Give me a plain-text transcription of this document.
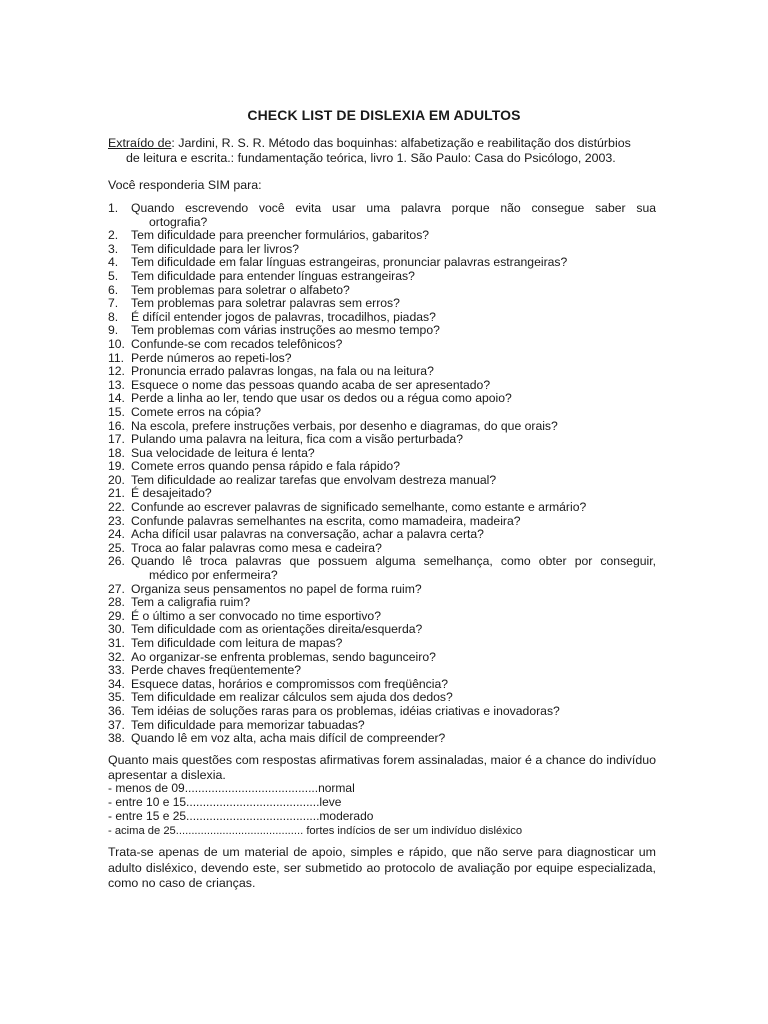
CHECK LIST DE DISLEXIA EM ADULTOS
Extraído de: Jardini, R. S. R. Método das boquinhas: alfabetização e reabilitação dos distúrbios
de leitura e escrita.: fundamentação teórica, livro 1. São Paulo: Casa do Psicólogo, 2003.
Você responderia SIM para:
1.	Quando escrevendo você evita usar uma palavra porque não consegue saber sua
ortografia?
2.	Tem dificuldade para preencher formulários, gabaritos?
3.	Tem dificuldade para ler livros?
4.	Tem dificuldade em falar línguas estrangeiras, pronunciar palavras estrangeiras?
5.	Tem dificuldade para entender línguas estrangeiras?
6.	Tem problemas para soletrar o alfabeto?
7.	Tem problemas para soletrar palavras sem erros?
8.	É difícil entender jogos de palavras, trocadilhos, piadas?
9.	Tem problemas com várias instruções ao mesmo tempo?
10. Confunde-se com recados telefônicos?
11. Perde números ao repeti-los?
12. Pronuncia errado palavras longas, na fala ou na leitura?
13. Esquece o nome das pessoas quando acaba de ser apresentado?
14. Perde a linha ao ler, tendo que usar os dedos ou a régua como apoio?
15. Comete erros na cópia?
16. Na escola, prefere instruções verbais, por desenho e diagramas, do que orais?
17. Pulando uma palavra na leitura, fica com a visão perturbada?
18. Sua velocidade de leitura é lenta?
19. Comete erros quando pensa rápido e fala rápido?
20. Tem dificuldade ao realizar tarefas que envolvam destreza manual?
21. É desajeitado?
22. Confunde ao escrever palavras de significado semelhante, como estante e armário?
23. Confunde palavras semelhantes na escrita, como mamadeira, madeira?
24. Acha difícil usar palavras na conversação, achar a palavra certa?
25. Troca ao falar palavras como mesa e cadeira?
26. Quando lê troca palavras que possuem alguma semelhança, como obter por conseguir,
médico por enfermeira?
27. Organiza seus pensamentos no papel de forma ruim?
28. Tem a caligrafia ruim?
29. É o último a ser convocado no time esportivo?
30. Tem dificuldade com as orientações direita/esquerda?
31. Tem dificuldade com leitura de mapas?
32. Ao organizar-se enfrenta problemas, sendo bagunceiro?
33. Perde chaves freqüentemente?
34. Esquece datas, horários e compromissos com freqüência?
35. Tem dificuldade em realizar cálculos sem ajuda dos dedos?
36. Tem idéias de soluções raras para os problemas, idéias criativas e inovadoras?
37. Tem dificuldade para memorizar tabuadas?
38. Quando lê em voz alta, acha mais difícil de compreender?
Quanto mais questões com respostas afirmativas forem assinaladas, maior é a chance do indivíduo apresentar a dislexia.
- menos de 09........................................normal
- entre 10 e 15........................................leve
- entre 15 e 25........................................moderado
- acima de 25......................................... fortes indícios de ser um indivíduo disléxico
Trata-se apenas de um material de apoio, simples e rápido, que não serve para diagnosticar um adulto disléxico, devendo este, ser submetido ao protocolo de avaliação por equipe especializada, como no caso de crianças.
